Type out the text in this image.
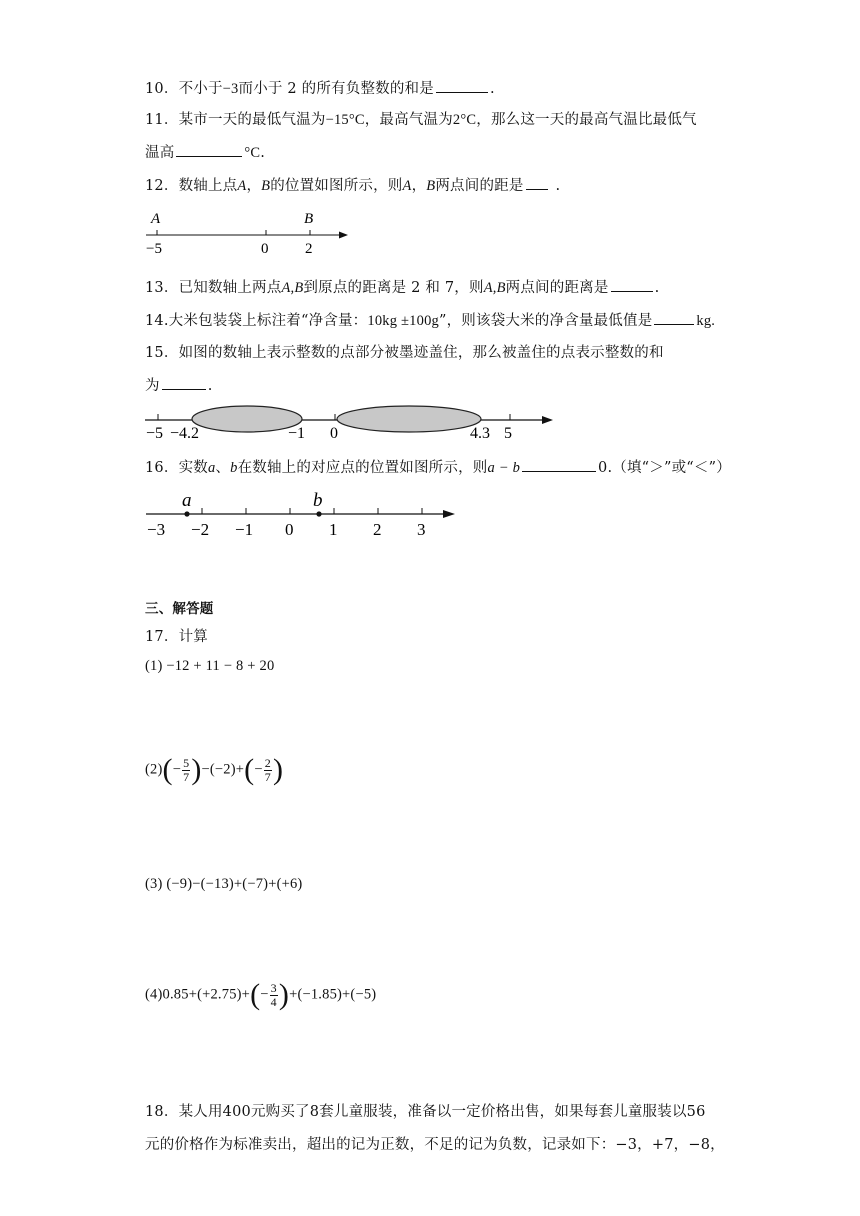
10．不小于−3而小于 2 的所有负整数的和是	.
11．某市一天的最低气温为−15°C，最高气温为2°C，那么这一天的最高气温比最低气
温高	°C.
12．数轴上点A，B的位置如图所示，则A，B两点间的距是 .
A	B
−5	0 2
13．已知数轴上两点A,B到原点的距离是 2 和 7，则A,B两点间的距离是	.
14.大米包装袋上标注着“净含量：10kg ±100g”，则该袋大米的净含量最低值是	kg.
15．如图的数轴上表示整数的点部分被墨迹盖住，那么被盖住的点表示整数的和
为	.
−5 −4.2	−1 0	4.3 5
16．实数a、b在数轴上的对应点的位置如图所示，则a − b	0.（填“＞”或“＜”）
−3 −2 −1 0 1 2 3
a	b
三、解答题
17．计算
(1) −12 + 11 − 8 + 20
$(2)(- \frac{5}{7} )-(-2)+(- \frac{2}{7}$ )
(3) (−9)−(−13)+(−7)+(+6)
$(4)0.85+(+2.75)+(- \frac{3}{4} )+(-1.85)+(-5)$
18．某人用400元购买了8套儿童服装，准备以一定价格出售，如果每套儿童服装以56
元的价格作为标准卖出，超出的记为正数，不足的记为负数，记录如下：−3，+7，−8，
